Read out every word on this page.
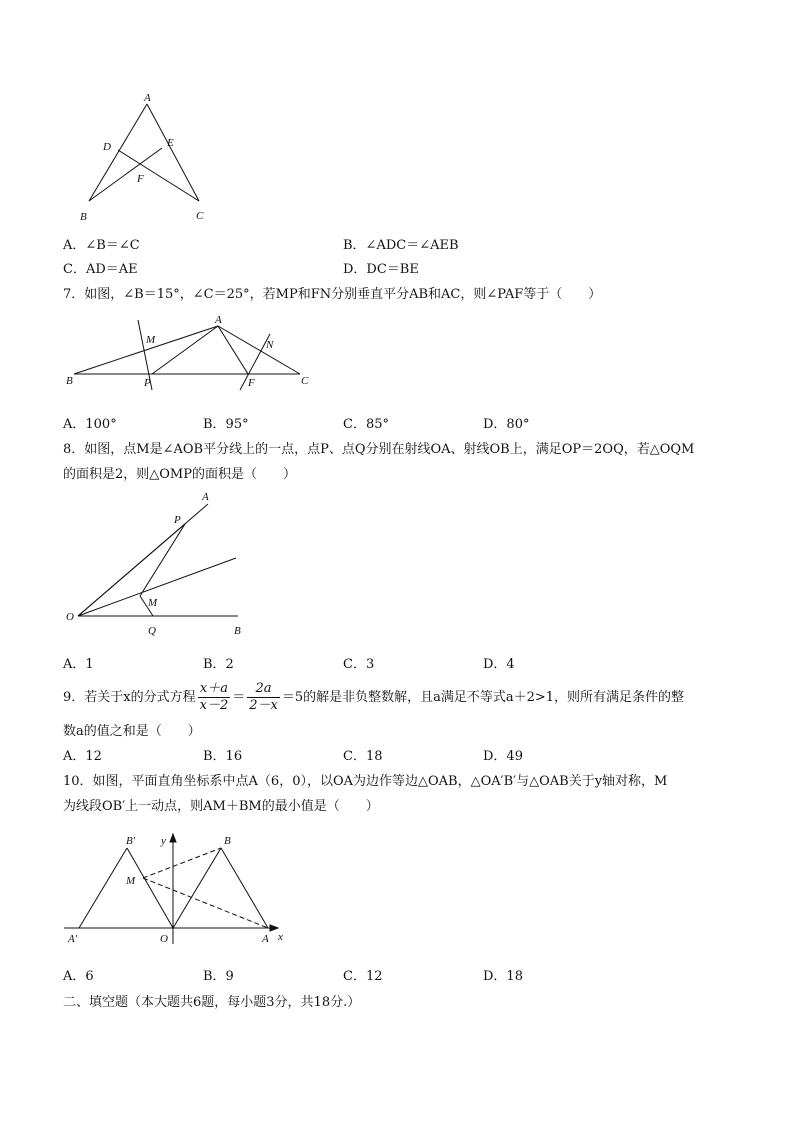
A
D	E
F
B	C
A．∠B＝∠C	B．∠ADC＝∠AEB
C．AD＝AE	D．DC＝BE
7．如图，∠B＝15°，∠C＝25°，若MP和FN分别垂直平分AB和AC，则∠PAF等于（　　）
A
M	N
B	P	F	C
A．100°	B．95°	C．85°	D．80°
8．如图，点M是∠AOB平分线上的一点，点P、点Q分别在射线OA、射线OB上，满足OP＝2OQ，若△OQM
的面积是2，则△OMP的面积是（　　）
A
P
M
O
Q	B
A．1	B．2	C．3	D．4
9．若关于x的分式方程 $\frac{x+a}{x-2} = \frac{2a}{2-x} =5$的解是非负整数解，且a满足不等式a＋2>1，则所有满足条件的整
数a的值之和是（　　）
A．12	B．16	C．18	D．49
10．如图，平面直角坐标系中点A（6，0），以OA为边作等边△OAB，△OA′B′与△OAB关于y轴对称，M
为线段OB′上一动点，则AM＋BM的最小值是（　　）
B′	B
y
M
A′	O	A x
A．6	B．9	C．12	D．18
二、填空题（本大题共6题，每小题3分，共18分.）
